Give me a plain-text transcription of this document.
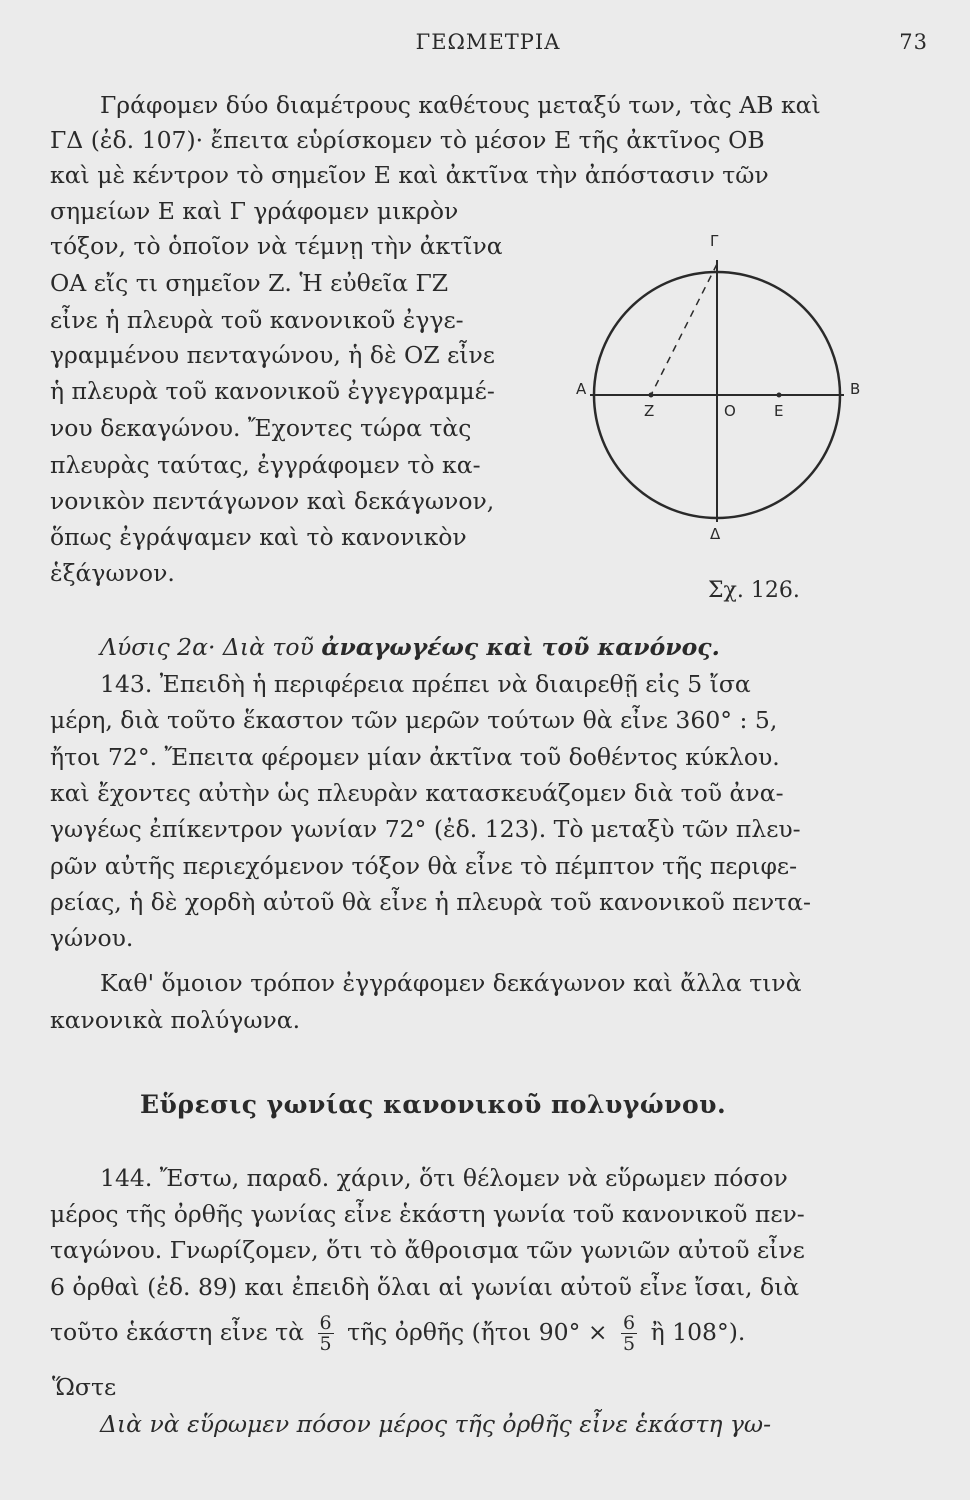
ΓΕΩΜΕΤΡΙΑ	73
Γράφομεν δύο διαμέτρους καθέτους μεταξύ των, τὰς ΑΒ καὶ
ΓΔ (ἐδ. 107)· ἔπειτα εὑρίσκομεν τὸ μέσον Ε τῆς ἀκτῖνος ΟΒ
καὶ μὲ κέντρον τὸ σημεῖον Ε καὶ ἀκτῖνα τὴν ἀπόστασιν τῶν
σημείων Ε καὶ Γ γράφομεν μικρὸν
τόξον, τὸ ὁποῖον νὰ τέμνῃ τὴν ἀκτῖνα
ΟΑ εἴς τι σημεῖον Ζ. Ἡ εὐθεῖα ΓΖ
εἶνε ἡ πλευρὰ τοῦ κανονικοῦ ἐγγε-
γραμμένου πενταγώνου, ἡ δὲ ΟΖ εἶνε
ἡ πλευρὰ τοῦ κανονικοῦ ἐγγεγραμμέ-
νου δεκαγώνου. Ἔχοντες τώρα τὰς
πλευρὰς ταύτας, ἐγγράφομεν τὸ κα-
νονικὸν πεντάγωνον καὶ δεκάγωνον,
ὅπως ἐγράψαμεν καὶ τὸ κανονικὸν
ἑξάγωνον.
Γ
Α	Β
Ζ	Ο	Ε
Δ
Σχ. 126.
Λύσις 2α· Διὰ τοῦ ἀναγωγέως καὶ τοῦ κανόνος.
143. Ἐπειδὴ ἡ περιφέρεια πρέπει νὰ διαιρεθῇ εἰς 5 ἴσα
μέρη, διὰ τοῦτο ἕκαστον τῶν μερῶν τούτων θὰ εἶνε 360° : 5,
ἤτοι 72°. Ἔπειτα φέρομεν μίαν ἀκτῖνα τοῦ δοθέντος κύκλου.
καὶ ἔχοντες αὐτὴν ὡς πλευρὰν κατασκευάζομεν διὰ τοῦ ἀνα-
γωγέως ἐπίκεντρον γωνίαν 72° (ἐδ. 123). Τὸ μεταξὺ τῶν πλευ-
ρῶν αὐτῆς περιεχόμενον τόξον θὰ εἶνε τὸ πέμπτον τῆς περιφε-
ρείας, ἡ δὲ χορδὴ αὐτοῦ θὰ εἶνε ἡ πλευρὰ τοῦ κανονικοῦ πεντα-
γώνου.
Καθ' ὅμοιον τρόπον ἐγγράφομεν δεκάγωνον καὶ ἄλλα τινὰ
κανονικὰ πολύγωνα.
Εὕρεσις γωνίας κανονικοῦ πολυγώνου.
144. Ἔστω, παραδ. χάριν, ὅτι θέλομεν νὰ εὕρωμεν πόσον
μέρος τῆς ὀρθῆς γωνίας εἶνε ἑκάστη γωνία τοῦ κανονικοῦ πεν-
ταγώνου. Γνωρίζομεν, ὅτι τὸ ἄθροισμα τῶν γωνιῶν αὐτοῦ εἶνε
6 ὀρθαὶ (ἐδ. 89) και ἐπειδὴ ὅλαι αἱ γωνίαι αὐτοῦ εἶνε ἴσαι, διὰ
τοῦτο ἑκάστη εἶνε τὰ $\frac{6}{5}$ τῆς ὀρθῆς (ἤτοι $90^\circ \times \frac{6}{5}$ ἢ 108°).
Ὥστε
Διὰ νὰ εὕρωμεν πόσον μέρος τῆς ὀρθῆς εἶνε ἑκάστη γω-
